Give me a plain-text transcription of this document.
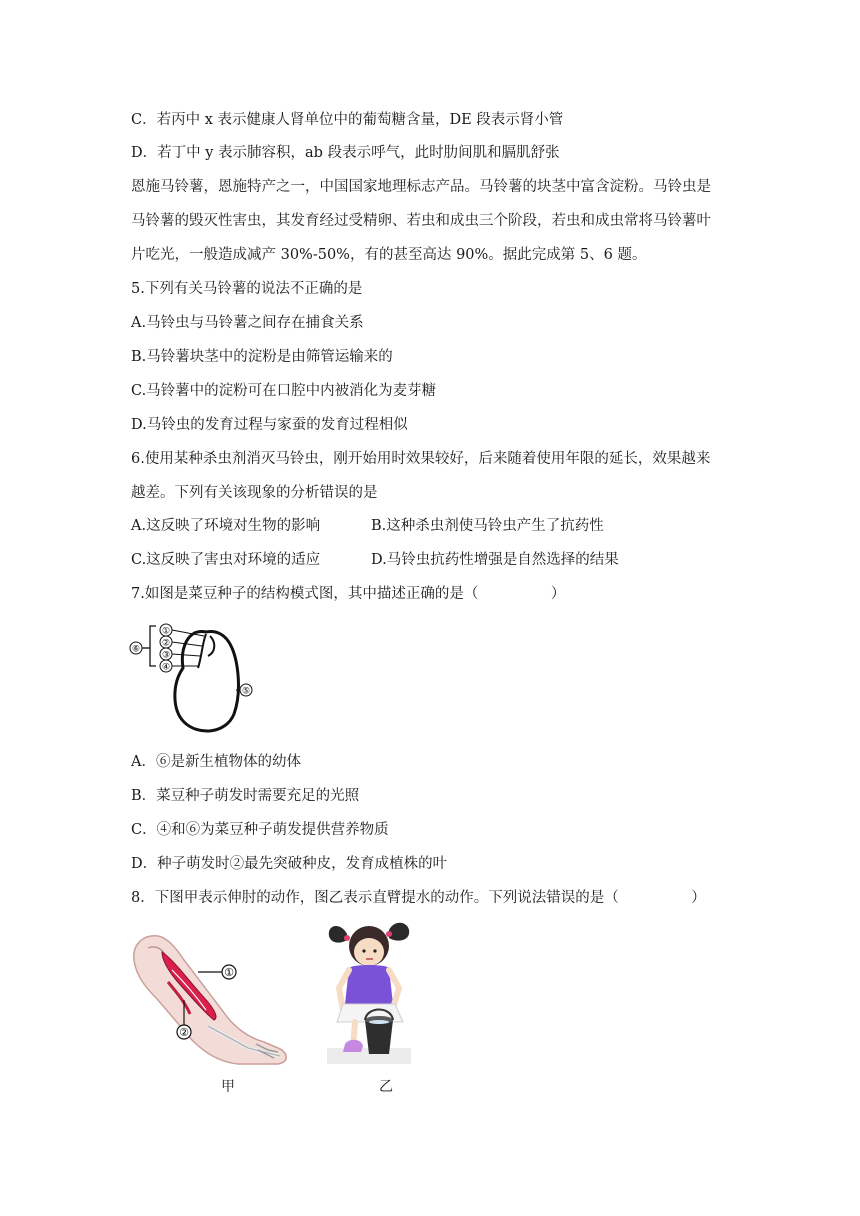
C．若丙中 x 表示健康人肾单位中的葡萄糖含量，DE 段表示肾小管
D．若丁中 y 表示肺容积，ab 段表示呼气，此时肋间肌和膈肌舒张
恩施马铃薯，恩施特产之一，中国国家地理标志产品。马铃薯的块茎中富含淀粉。马铃虫是
马铃薯的毁灭性害虫，其发育经过受精卵、若虫和成虫三个阶段，若虫和成虫常将马铃薯叶
片吃光，一般造成减产 30%-50%，有的甚至高达 90%。据此完成第 5、6 题。
5.下列有关马铃薯的说法不正确的是
A.马铃虫与马铃薯之间存在捕食关系
B.马铃薯块茎中的淀粉是由筛管运输来的
C.马铃薯中的淀粉可在口腔中内被消化为麦芽糖
D.马铃虫的发育过程与家蚕的发育过程相似
6.使用某种杀虫剂消灭马铃虫，刚开始用时效果较好，后来随着使用年限的延长，效果越来
越差。下列有关该现象的分析错误的是
A.这反映了环境对生物的影响	B.这种杀虫剂使马铃虫产生了抗药性
C.这反映了害虫对环境的适应	D.马铃虫抗药性增强是自然选择的结果
7.如图是菜豆种子的结构模式图，其中描述正确的是（　　　　　）
①
②
③
④
⑤
⑥
A．⑥是新生植物体的幼体
B．菜豆种子萌发时需要充足的光照
C．④和⑥为菜豆种子萌发提供营养物质
D．种子萌发时②最先突破种皮，发育成植株的叶
8．下图甲表示伸肘的动作，图乙表示直臂提水的动作。下列说法错误的是（　　　　　）
①
②
甲	乙
